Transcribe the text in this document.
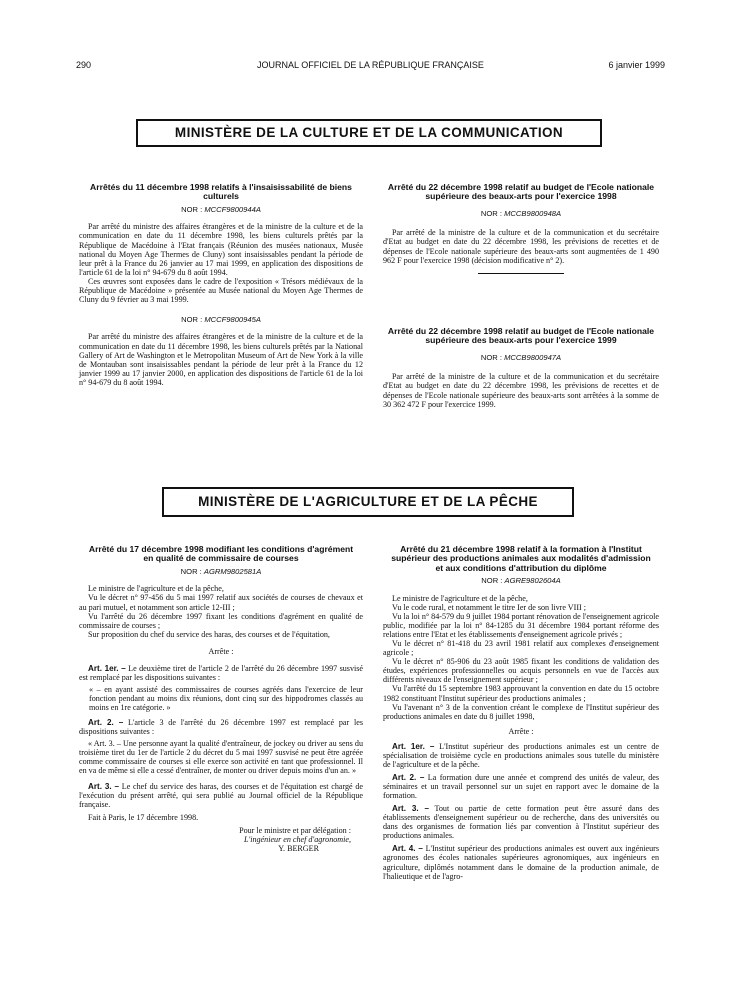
290	JOURNAL OFFICIEL DE LA RÉPUBLIQUE FRANÇAISE	6 janvier 1999
MINISTÈRE DE LA CULTURE ET DE LA COMMUNICATION
Arrêtés du 11 décembre 1998 relatifs à l'insaisissabilité de biens culturels
NOR : MCCF9800944A

Par arrêté du ministre des affaires étrangères et de la ministre de la culture et de la communication en date du 11 décembre 1998, les biens culturels prêtés par la République de Macédoine à l'Etat français (Réunion des musées nationaux, Musée national du Moyen Age Thermes de Cluny) sont insaisissables pendant la période de leur prêt à la France du 26 janvier au 17 mai 1999, en application des dispositions de l'article 61 de la loi n° 94-679 du 8 août 1994.

Ces œuvres sont exposées dans le cadre de l'exposition « Trésors médiévaux de la République de Macédoine » présentée au Musée national du Moyen Age Thermes de Cluny du 9 février au 3 mai 1999.

NOR : MCCF9800945A

Par arrêté du ministre des affaires étrangères et de la ministre de la culture et de la communication en date du 11 décembre 1998, les biens culturels prêtés par la National Gallery of Art de Washington et le Metropolitan Museum of Art de New York à la ville de Montauban sont insaisissables pendant la période de leur prêt à la France du 12 janvier 1999 au 17 janvier 2000, en application des dispositions de l'article 61 de la loi n° 94-679 du 8 août 1994.

Arrêté du 22 décembre 1998 relatif au budget de l'Ecole nationale supérieure des beaux-arts pour l'exercice 1998
NOR : MCCB9800948A

Par arrêté de la ministre de la culture et de la communication et du secrétaire d'Etat au budget en date du 22 décembre 1998, les prévisions de recettes et de dépenses de l'Ecole nationale supérieure des beaux-arts sont augmentées de 1 490 962 F pour l'exercice 1998 (décision modificative n° 2).

Arrêté du 22 décembre 1998 relatif au budget de l'Ecole nationale supérieure des beaux-arts pour l'exercice 1999
NOR : MCCB9800947A

Par arrêté de la ministre de la culture et de la communication et du secrétaire d'Etat au budget en date du 22 décembre 1998, les prévisions de recettes et de dépenses de l'Ecole nationale supérieure des beaux-arts sont arrêtées à la somme de 30 362 472 F pour l'exercice 1999.

MINISTÈRE DE L'AGRICULTURE ET DE LA PÊCHE
Arrêté du 17 décembre 1998 modifiant les conditions d'agrément en qualité de commissaire de courses
NOR : AGRM9802581A

Le ministre de l'agriculture et de la pêche,

Vu le décret n° 97-456 du 5 mai 1997 relatif aux sociétés de courses de chevaux et au pari mutuel, et notamment son article 12-III ;

Vu l'arrêté du 26 décembre 1997 fixant les conditions d'agrément en qualité de commissaire de courses ;

Sur proposition du chef du service des haras, des courses et de l'équitation,

Arrête :

Art. 1er. – Le deuxième tiret de l'article 2 de l'arrêté du 26 décembre 1997 susvisé est remplacé par les dispositions suivantes :

« – en ayant assisté des commissaires de courses agréés dans l'exercice de leur fonction pendant au moins dix réunions, dont cinq sur des hippodromes classés au moins en 1re catégorie. »

Art. 2. – L'article 3 de l'arrêté du 26 décembre 1997 est remplacé par les dispositions suivantes :

« Art. 3. – Une personne ayant la qualité d'entraîneur, de jockey ou driver au sens du troisième tiret du 1er de l'article 2 du décret du 5 mai 1997 susvisé ne peut être agréée comme commissaire de courses si elle exerce son activité en tant que professionnel. Il en va de même si elle a cessé d'entraîner, de monter ou driver depuis moins d'un an. »

Art. 3. – Le chef du service des haras, des courses et de l'équitation est chargé de l'exécution du présent arrêté, qui sera publié au Journal officiel de la République française.

Fait à Paris, le 17 décembre 1998.

Pour le ministre et par délégation :

L'ingénieur en chef d'agronomie,

Y. BERGER

Arrêté du 21 décembre 1998 relatif à la formation à l'Institut supérieur des productions animales aux modalités d'admission et aux conditions d'attribution du diplôme
NOR : AGRE9802604A

Le ministre de l'agriculture et de la pêche,

Vu le code rural, et notamment le titre Ier de son livre VIII ;

Vu la loi n° 84-579 du 9 juillet 1984 portant rénovation de l'enseignement agricole public, modifiée par la loi n° 84-1285 du 31 décembre 1984 portant réforme des relations entre l'Etat et les établissements d'enseignement agricole privés ;

Vu le décret n° 81-418 du 23 avril 1981 relatif aux complexes d'enseignement agricole ;

Vu le décret n° 85-906 du 23 août 1985 fixant les conditions de validation des études, expériences professionnelles ou acquis personnels en vue de l'accès aux différents niveaux de l'enseignement supérieur ;

Vu l'arrêté du 15 septembre 1983 approuvant la convention en date du 15 octobre 1982 constituant l'Institut supérieur des productions animales ;

Vu l'avenant n° 3 de la convention créant le complexe de l'Institut supérieur des productions animales en date du 8 juillet 1998,

Arrête :

Art. 1er. – L'Institut supérieur des productions animales est un centre de spécialisation de troisième cycle en productions animales sous tutelle du ministère de l'agriculture et de la pêche.

Art. 2. – La formation dure une année et comprend des unités de valeur, des séminaires et un travail personnel sur un sujet en rapport avec le domaine de la formation.

Art. 3. – Tout ou partie de cette formation peut être assuré dans des établissements d'enseignement supérieur ou de recherche, dans des universités ou dans des organismes de formation liés par convention à l'Institut supérieur des productions animales.

Art. 4. – L'Institut supérieur des productions animales est ouvert aux ingénieurs agronomes des écoles nationales supérieures agronomiques, aux ingénieurs en agriculture, diplômés notamment dans le domaine de la production animale, de l'halieutique et de l'agro-
